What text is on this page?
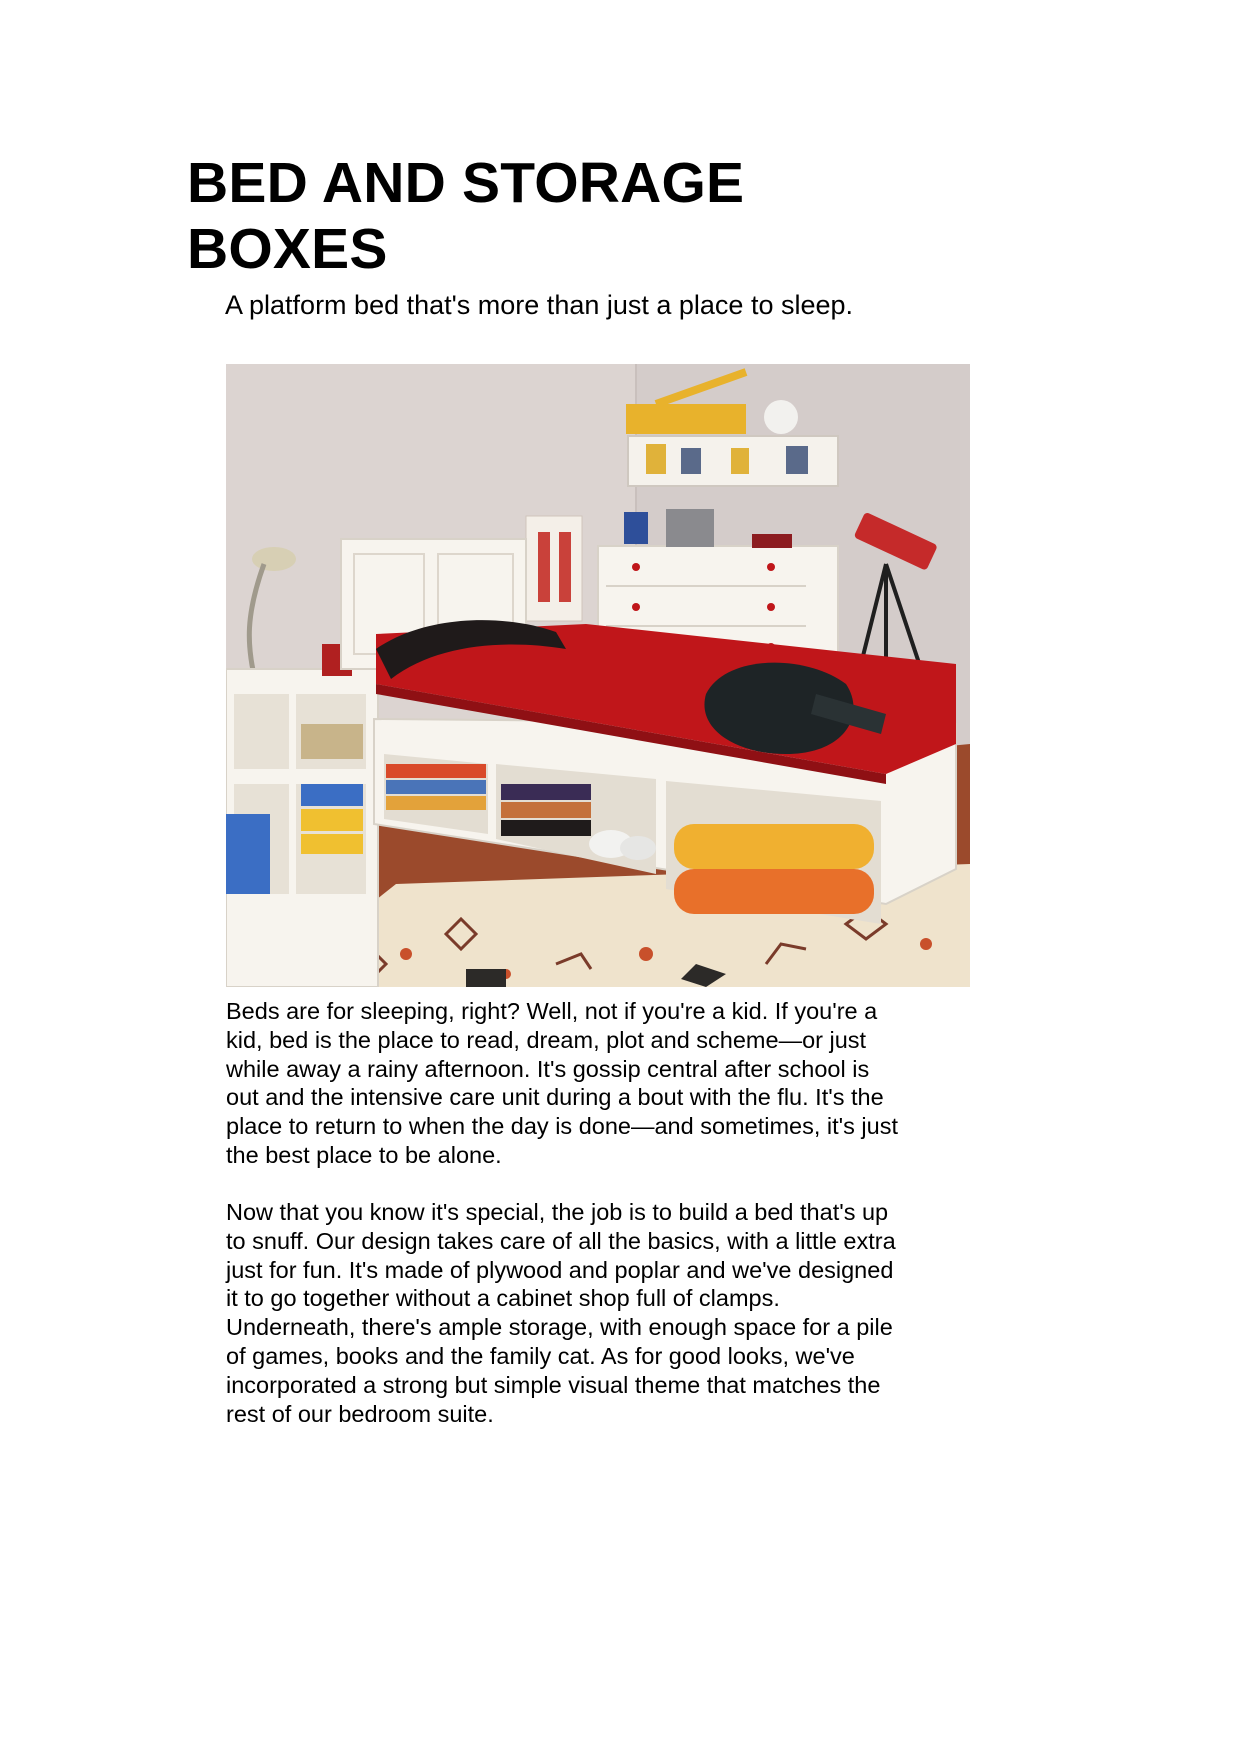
BED AND STORAGE BOXES

A platform bed that's more than just a place to sleep.

Beds are for sleeping, right? Well, not if you're a kid. If you're a kid, bed is the place to read, dream, plot and scheme—or just while away a rainy afternoon. It's gossip central after school is out and the intensive care unit during a bout with the flu. It's the place to return to when the day is done—and sometimes, it's just the best place to be alone.

Now that you know it's special, the job is to build a bed that's up to snuff. Our design takes care of all the basics, with a little extra just for fun. It's made of plywood and poplar and we've designed it to go together without a cabinet shop full of clamps. Underneath, there's ample storage, with enough space for a pile of games, books and the family cat. As for good looks, we've incorporated a strong but simple visual theme that matches the rest of our bedroom suite.
